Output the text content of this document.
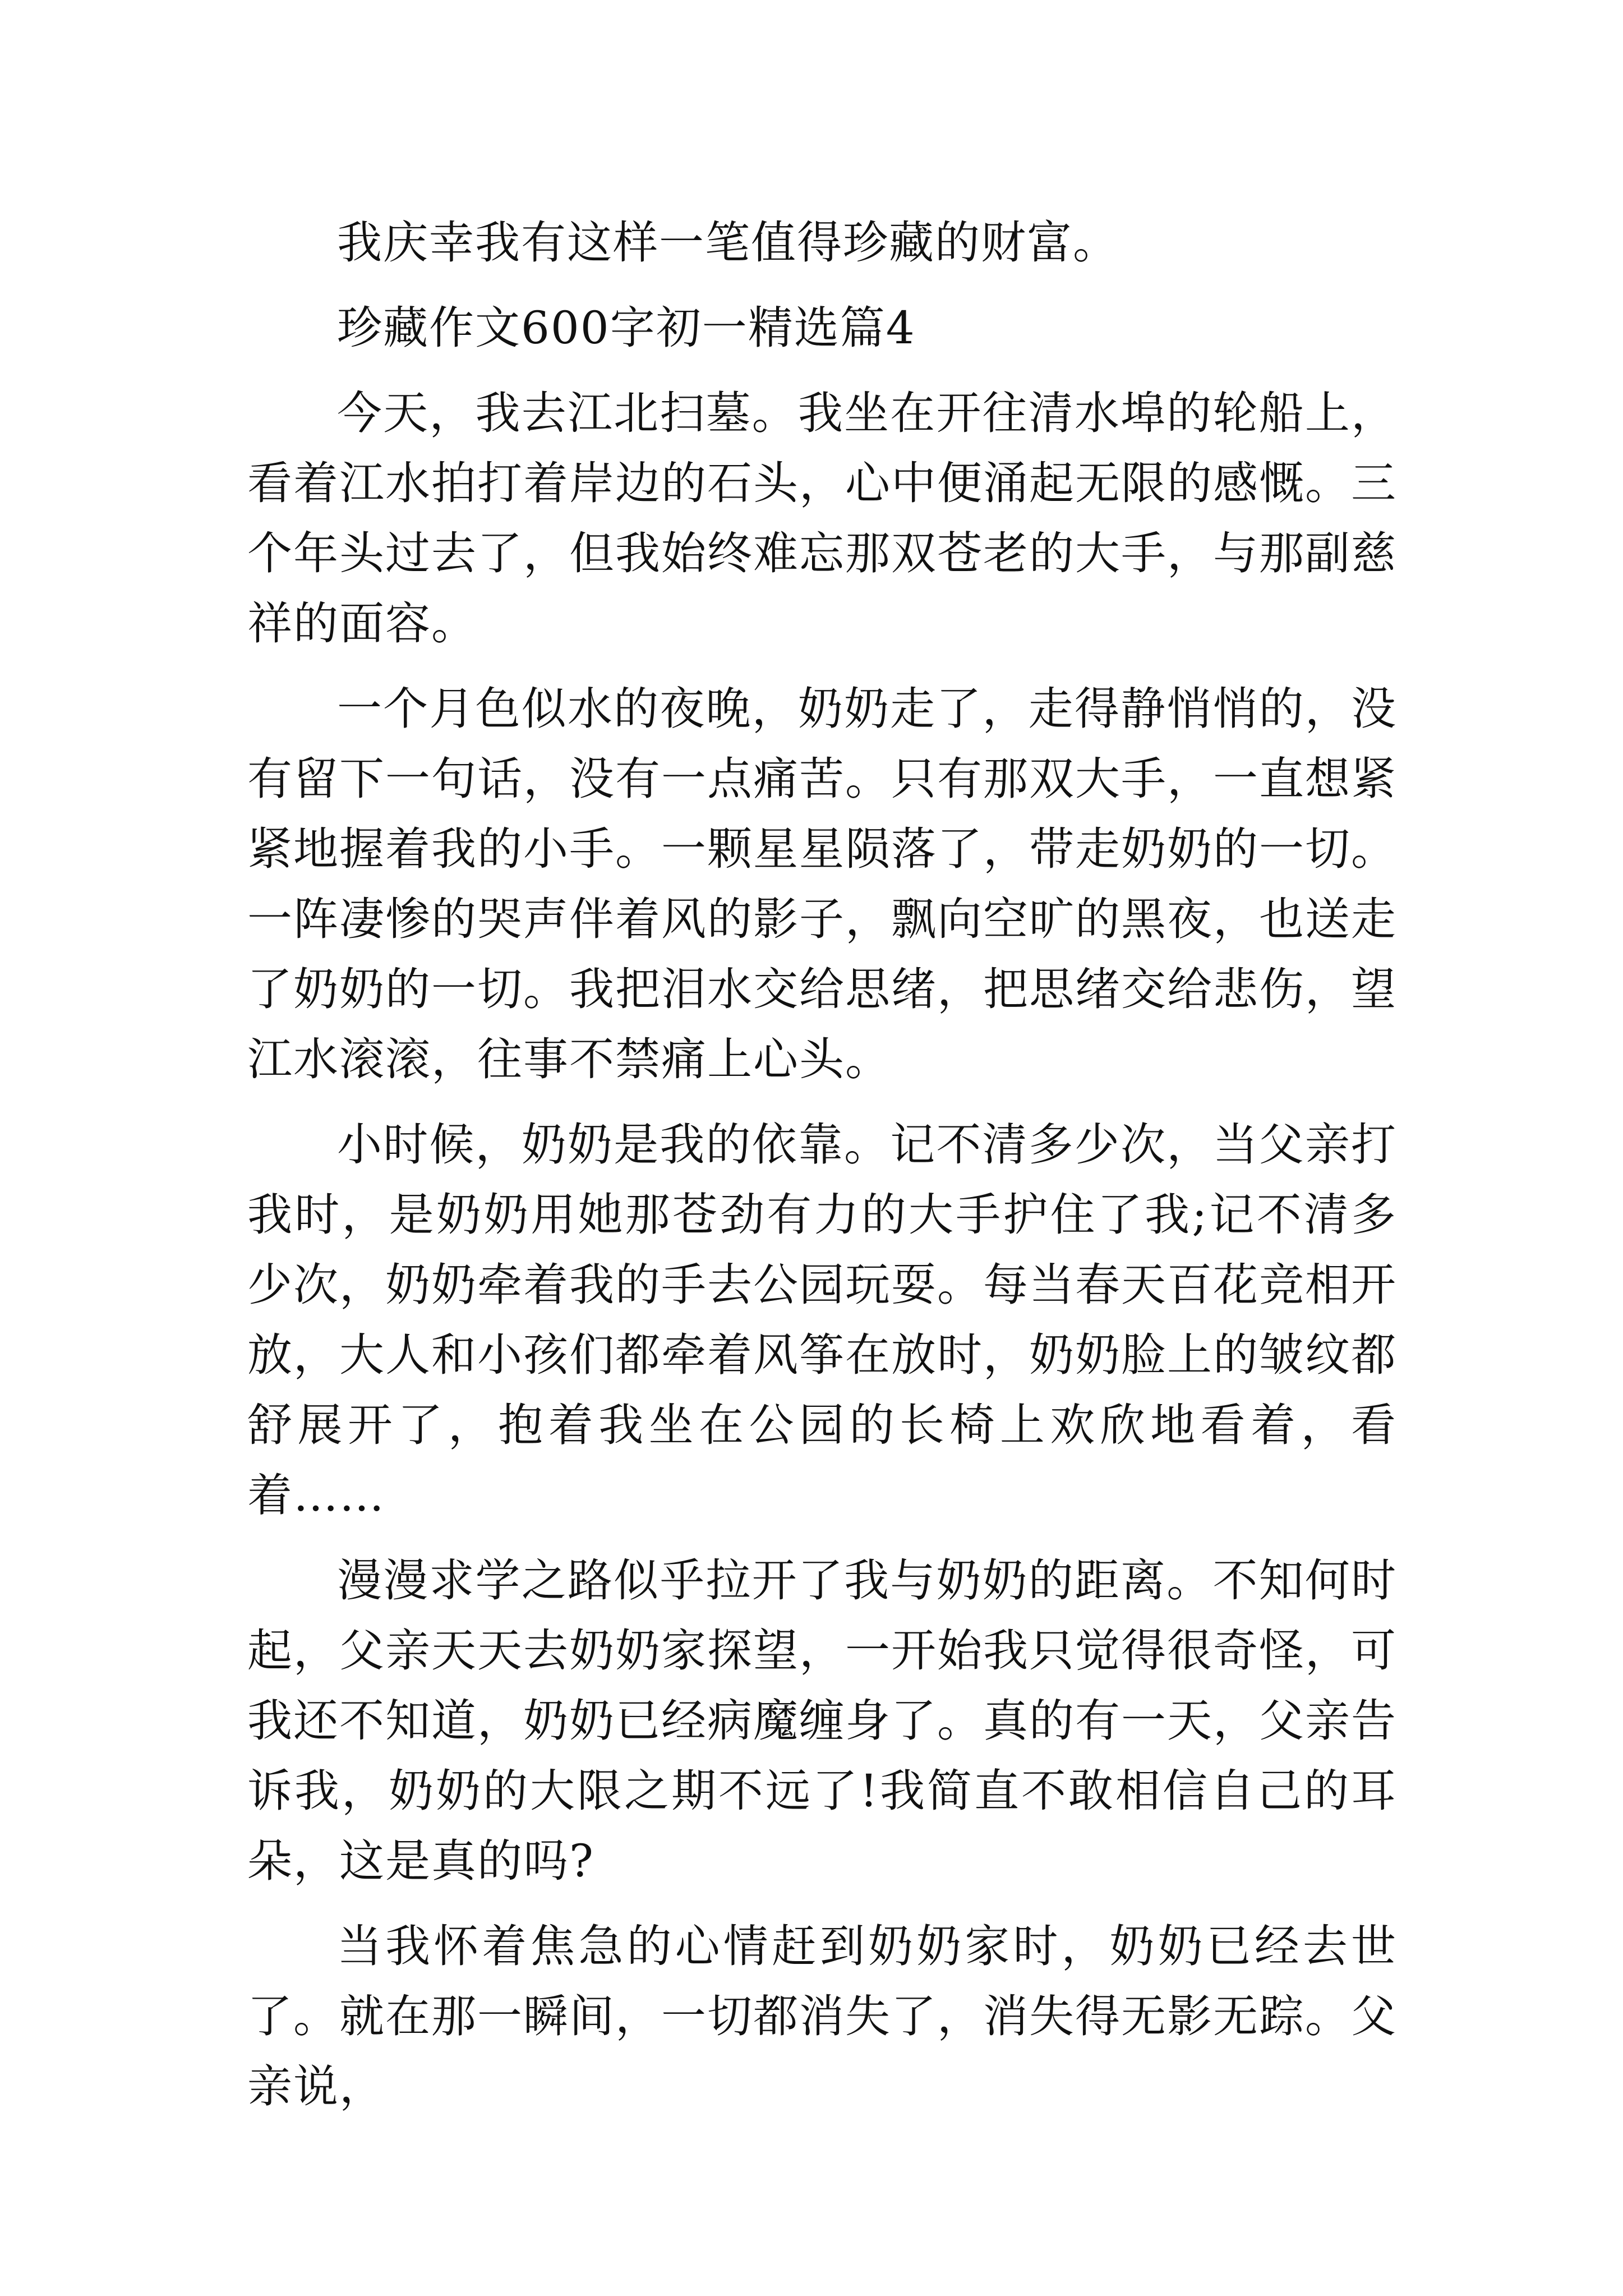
我庆幸我有这样一笔值得珍藏的财富。

珍藏作文600字初一精选篇4

今天，我去江北扫墓。我坐在开往清水埠的轮船上，看着江水拍打着岸边的石头，心中便涌起无限的感慨。三个年头过去了，但我始终难忘那双苍老的大手，与那副慈祥的面容。

一个月色似水的夜晚，奶奶走了，走得静悄悄的，没有留下一句话，没有一点痛苦。只有那双大手，一直想紧紧地握着我的小手。一颗星星陨落了，带走奶奶的一切。一阵凄惨的哭声伴着风的影子，飘向空旷的黑夜，也送走了奶奶的一切。我把泪水交给思绪，把思绪交给悲伤，望江水滚滚，往事不禁痛上心头。

小时候，奶奶是我的依靠。记不清多少次，当父亲打我时，是奶奶用她那苍劲有力的大手护住了我;记不清多少次，奶奶牵着我的手去公园玩耍。每当春天百花竞相开放，大人和小孩们都牵着风筝在放时，奶奶脸上的皱纹都舒展开了，抱着我坐在公园的长椅上欢欣地看着，看着……

漫漫求学之路似乎拉开了我与奶奶的距离。不知何时起，父亲天天去奶奶家探望，一开始我只觉得很奇怪，可我还不知道，奶奶已经病魔缠身了。真的有一天，父亲告诉我，奶奶的大限之期不远了!我简直不敢相信自己的耳朵，这是真的吗?

当我怀着焦急的心情赶到奶奶家时，奶奶已经去世了。就在那一瞬间，一切都消失了，消失得无影无踪。父亲说，
